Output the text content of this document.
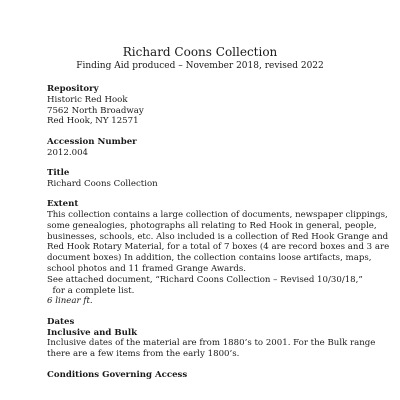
Richard Coons Collection

Finding Aid produced – November 2018, revised 2022

Repository

Historic Red Hook

7562 North Broadway

Red Hook, NY 12571

Accession Number

2012.004

Title

Richard Coons Collection

Extent

This collection contains a large collection of documents, newspaper clippings,

some genealogies, photographs all relating to Red Hook in general, people,

businesses, schools, etc. Also included is a collection of Red Hook Grange and

Red Hook Rotary Material, for a total of 7 boxes (4 are record boxes and 3 are

document boxes) In addition, the collection contains loose artifacts, maps,

school photos and 11 framed Grange Awards.

See attached document, “Richard Coons Collection – Revised 10/30/18,”

for a complete list.

6 linear ft.

Dates

Inclusive and Bulk

Inclusive dates of the material are from 1880’s to 2001. For the Bulk range

there are a few items from the early 1800’s.

Conditions Governing Access
